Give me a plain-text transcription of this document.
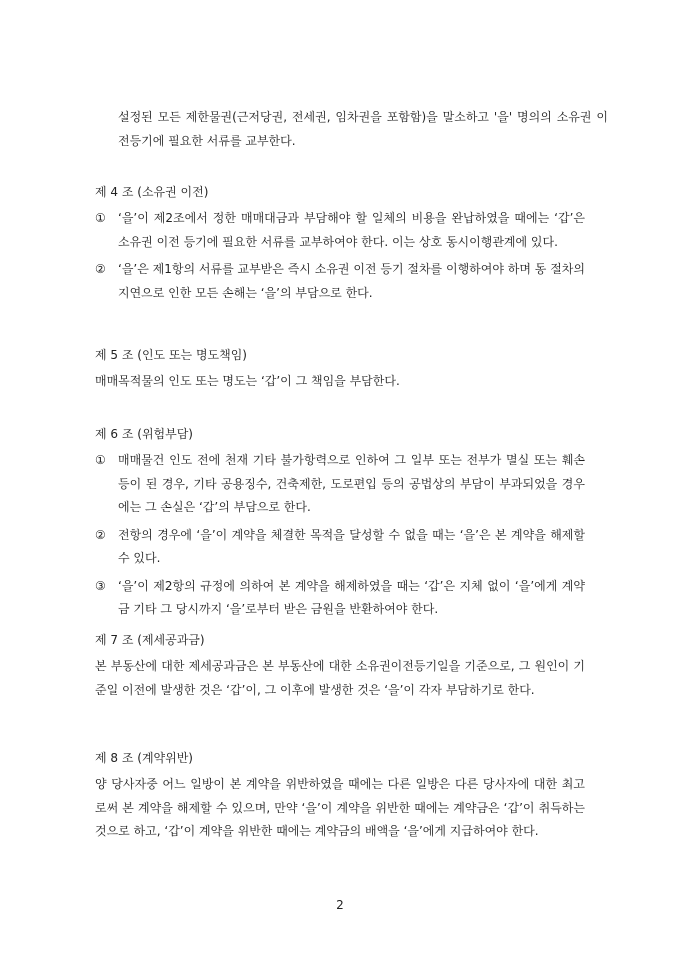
설정된 모든 제한물권(근저당권, 전세권, 임차권을 포함함)을 말소하고 '을' 명의의 소유권 이전등기에 필요한 서류를 교부한다.

제 4 조 (소유권 이전)
①	‘을’이 제2조에서 정한 매매대금과 부담해야 할 일체의 비용을 완납하였을 때에는 ‘갑’은 소유권 이전 등기에 필요한 서류를 교부하여야 한다. 이는 상호 동시이행관계에 있다.
②	‘을’은 제1항의 서류를 교부받은 즉시 소유권 이전 등기 절차를 이행하여야 하며 동 절차의 지연으로 인한 모든 손해는 ‘을’의 부담으로 한다.
제 5 조 (인도 또는 명도책임)

매매목적물의 인도 또는 명도는 ‘갑’이 그 책임을 부담한다.

제 6 조 (위험부담)
①	매매물건 인도 전에 천재 기타 불가항력으로 인하여 그 일부 또는 전부가 멸실 또는 훼손 등이 된 경우, 기타 공용징수, 건축제한, 도로편입 등의 공법상의 부담이 부과되었을 경우에는 그 손실은 ‘갑’의 부담으로 한다.
②	전항의 경우에 ‘을’이 계약을 체결한 목적을 달성할 수 없을 때는 ‘을’은 본 계약을 해제할 수 있다.
③	‘을’이 제2항의 규정에 의하여 본 계약을 해제하였을 때는 ‘갑’은 지체 없이 ‘을’에게 계약금 기타 그 당시까지 ‘을’로부터 받은 금원을 반환하여야 한다.
제 7 조 (제세공과금)

본 부동산에 대한 제세공과금은 본 부동산에 대한 소유권이전등기일을 기준으로, 그 원인이 기준일 이전에 발생한 것은 ‘갑’이, 그 이후에 발생한 것은 ‘을’이 각자 부담하기로 한다.

제 8 조 (계약위반)

양 당사자중 어느 일방이 본 계약을 위반하였을 때에는 다른 일방은 다른 당사자에 대한 최고로써 본 계약을 해제할 수 있으며, 만약 ‘을’이 계약을 위반한 때에는 계약금은 ‘갑’이 취득하는 것으로 하고, ‘갑’이 계약을 위반한 때에는 계약금의 배액을 ‘을’에게 지급하여야 한다.

2
